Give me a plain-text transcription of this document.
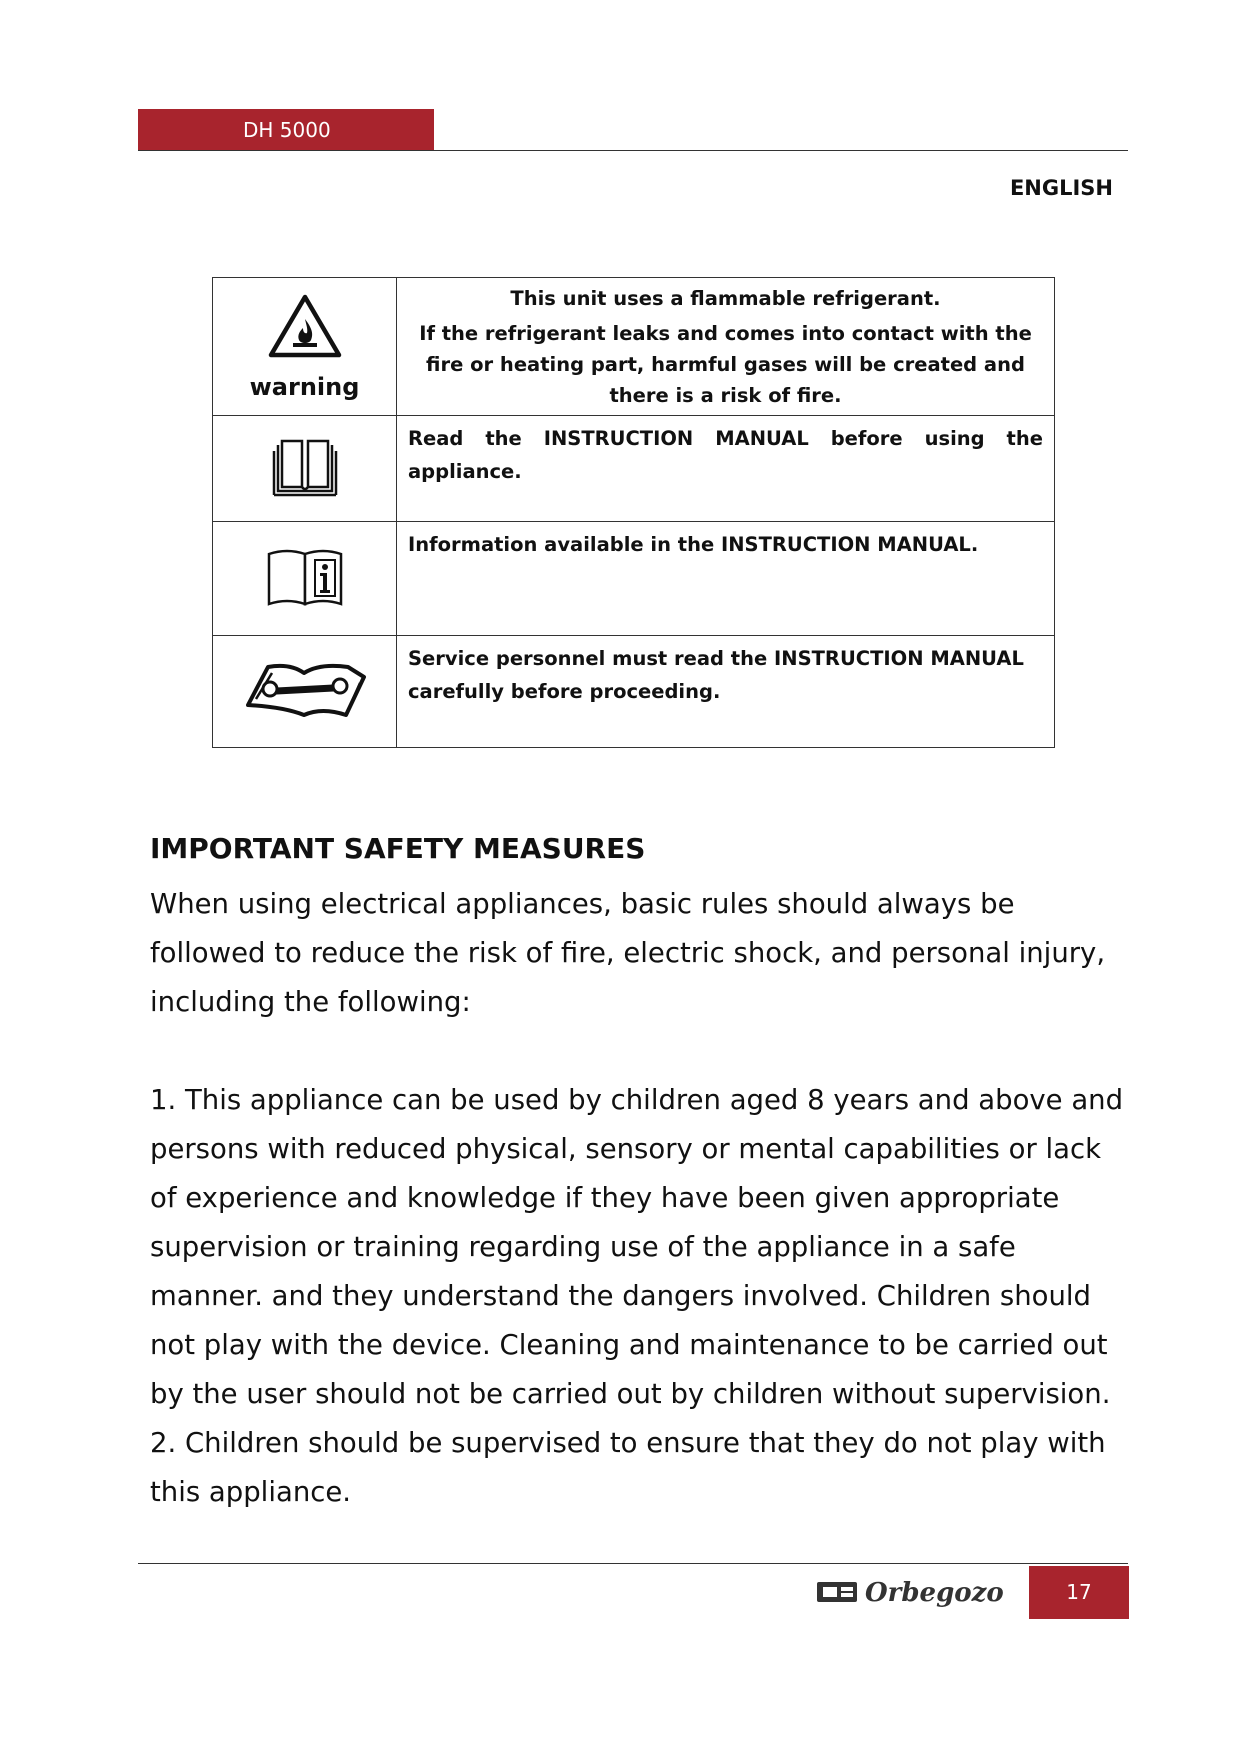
DH 5000
ENGLISH
warning	This unit uses a flammable refrigerant.
If the refrigerant leaks and comes into contact with the fire or heating part, harmful gases will be created and there is a risk of fire.

	Read the INSTRUCTION MANUAL before using the appliance.
	Information available in the INSTRUCTION MANUAL.
	Service personnel must read the INSTRUCTION MANUAL carefully before proceeding.
IMPORTANT SAFETY MEASURES

When using electrical appliances, basic rules should always be followed to reduce the risk of fire, electric shock, and personal injury, including the following:

1. This appliance can be used by children aged 8 years and above and persons with reduced physical, sensory or mental capabilities or lack of experience and knowledge if they have been given appropriate supervision or training regarding use of the appliance in a safe manner. and they understand the dangers involved. Children should not play with the device. Cleaning and maintenance to be carried out by the user should not be carried out by children without supervision.

2. Children should be supervised to ensure that they do not play with this appliance.

Orbegozo	17
